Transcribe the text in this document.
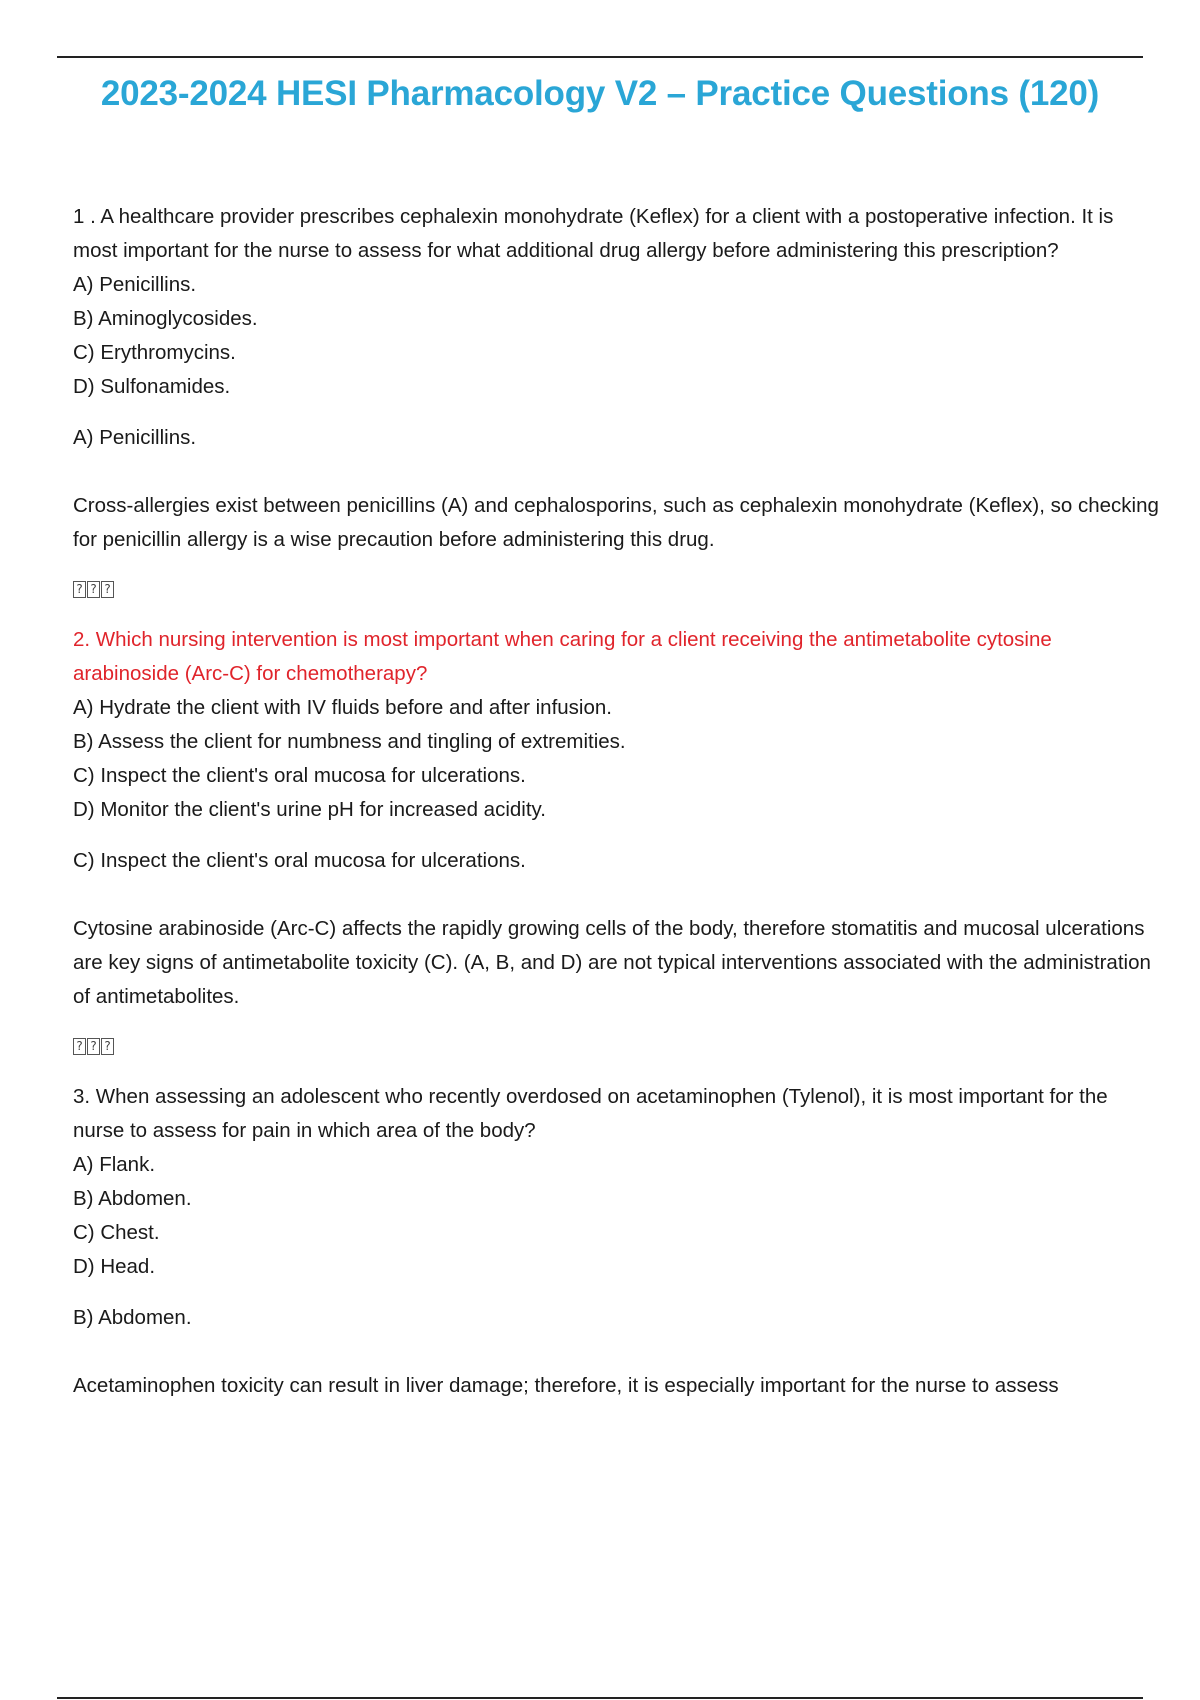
2023-2024 HESI Pharmacology V2 – Practice Questions (120)

1 . A healthcare provider prescribes cephalexin monohydrate (Keflex) for a client with a postoperative infection. It is most important for the nurse to assess for what additional drug allergy before administering this prescription?

A) Penicillins.
B) Aminoglycosides.
C) Erythromycins.
D) Sulfonamides.

A) Penicillins.

Cross-allergies exist between penicillins (A) and cephalosporins, such as cephalexin monohydrate (Keflex), so checking for penicillin allergy is a wise precaution before administering this drug.

? ? ?

2. Which nursing intervention is most important when caring for a client receiving the antimetabolite cytosine arabinoside (Arc-C) for chemotherapy?

A) Hydrate the client with IV fluids before and after infusion.
B) Assess the client for numbness and tingling of extremities.
C) Inspect the client's oral mucosa for ulcerations.
D) Monitor the client's urine pH for increased acidity.

C) Inspect the client's oral mucosa for ulcerations.

Cytosine arabinoside (Arc-C) affects the rapidly growing cells of the body, therefore stomatitis and mucosal ulcerations are key signs of antimetabolite toxicity (C). (A, B, and D) are not typical interventions associated with the administration of antimetabolites.

? ? ?

3. When assessing an adolescent who recently overdosed on acetaminophen (Tylenol), it is most important for the nurse to assess for pain in which area of the body?

A) Flank.
B) Abdomen.
C) Chest.
D) Head.

B) Abdomen.

Acetaminophen toxicity can result in liver damage; therefore, it is especially important for the nurse to assess
